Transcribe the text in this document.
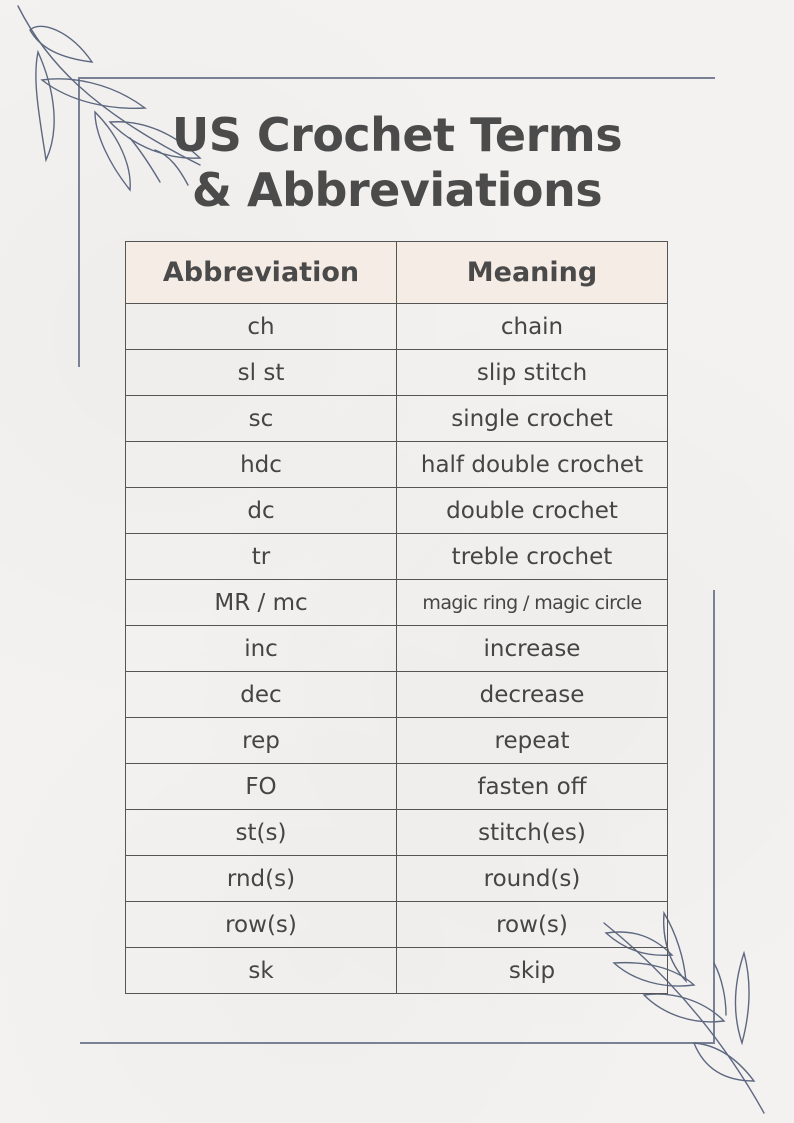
US Crochet Terms
& Abbreviations
Abbreviation	Meaning
ch	chain
sl st	slip stitch
sc	single crochet
hdc	half double crochet
dc	double crochet
tr	treble crochet
MR / mc	magic ring / magic circle
inc	increase
dec	decrease
rep	repeat
FO	fasten off
st(s)	stitch(es)
rnd(s)	round(s)
row(s)	row(s)
sk	skip
